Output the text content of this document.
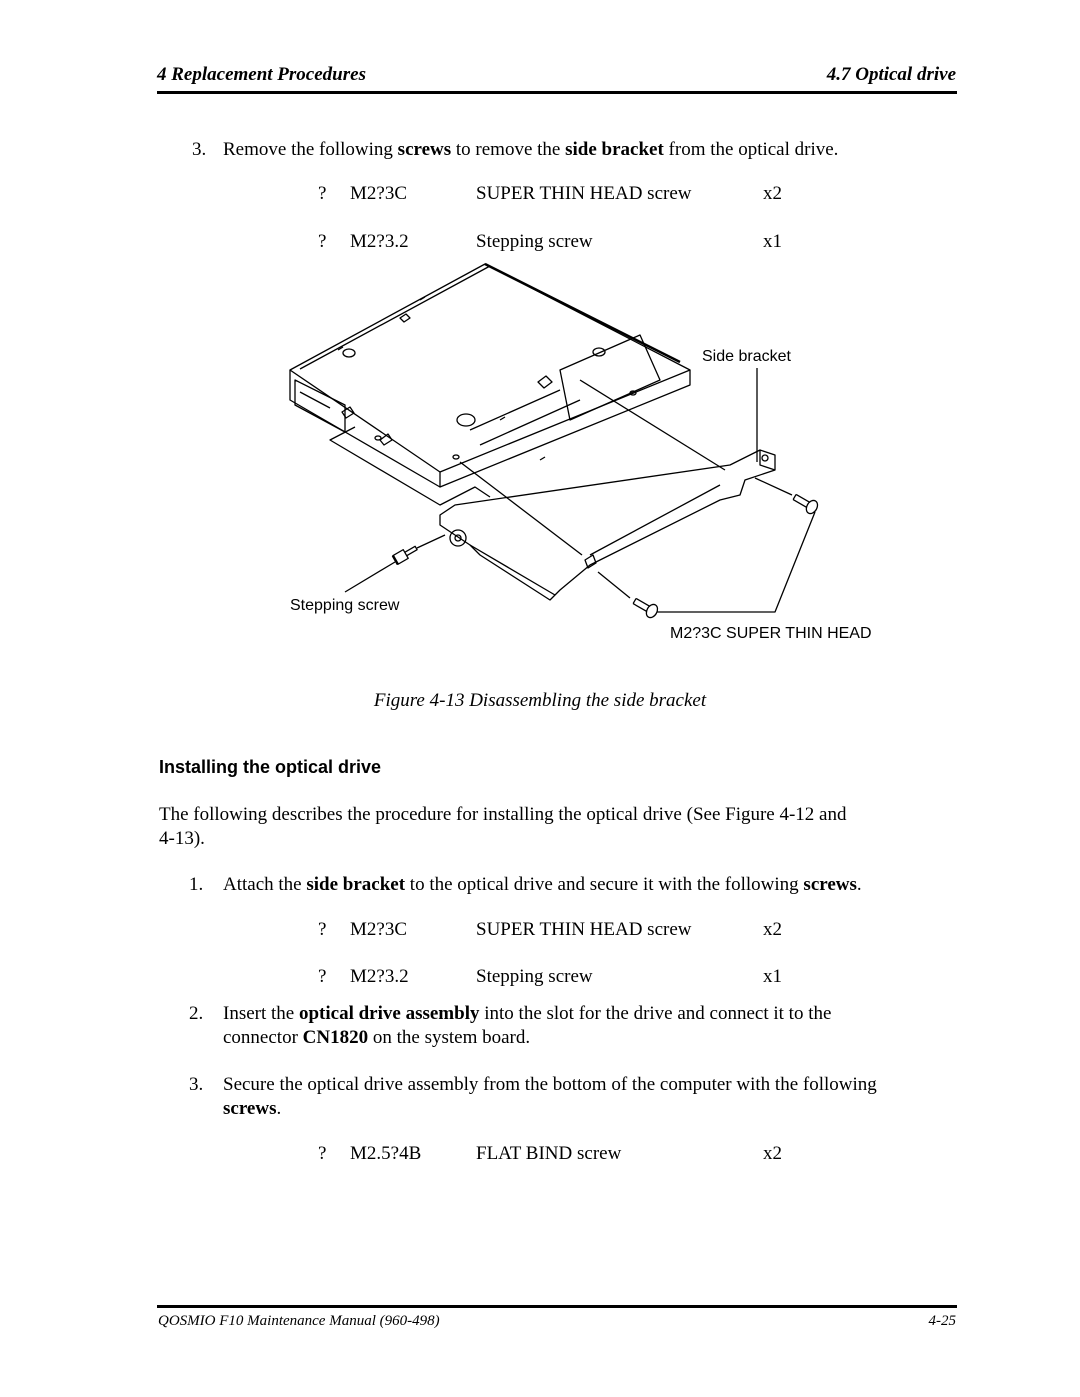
4 Replacement Procedures	4.7 Optical drive
3. Remove the following screws to remove the side bracket from the optical drive.
? M2?3C	SUPER THIN HEAD screw	x2
? M2?3.2	Stepping screw	x1
Side bracket
Stepping screw
M2?3C SUPER THIN HEAD
Figure 4-13 Disassembling the side bracket
Installing the optical drive
The following describes the procedure for installing the optical drive (See Figure 4-12 and
4-13).
1. Attach the side bracket to the optical drive and secure it with the following screws.
? M2?3C	SUPER THIN HEAD screw	x2
? M2?3.2	Stepping screw	x1
2. Insert the optical drive assembly into the slot for the drive and connect it to the
connector CN1820 on the system board.
3. Secure the optical drive assembly from the bottom of the computer with the following
screws.
? M2.5?4B	FLAT BIND screw	x2
QOSMIO F10 Maintenance Manual (960-498)	4-25
